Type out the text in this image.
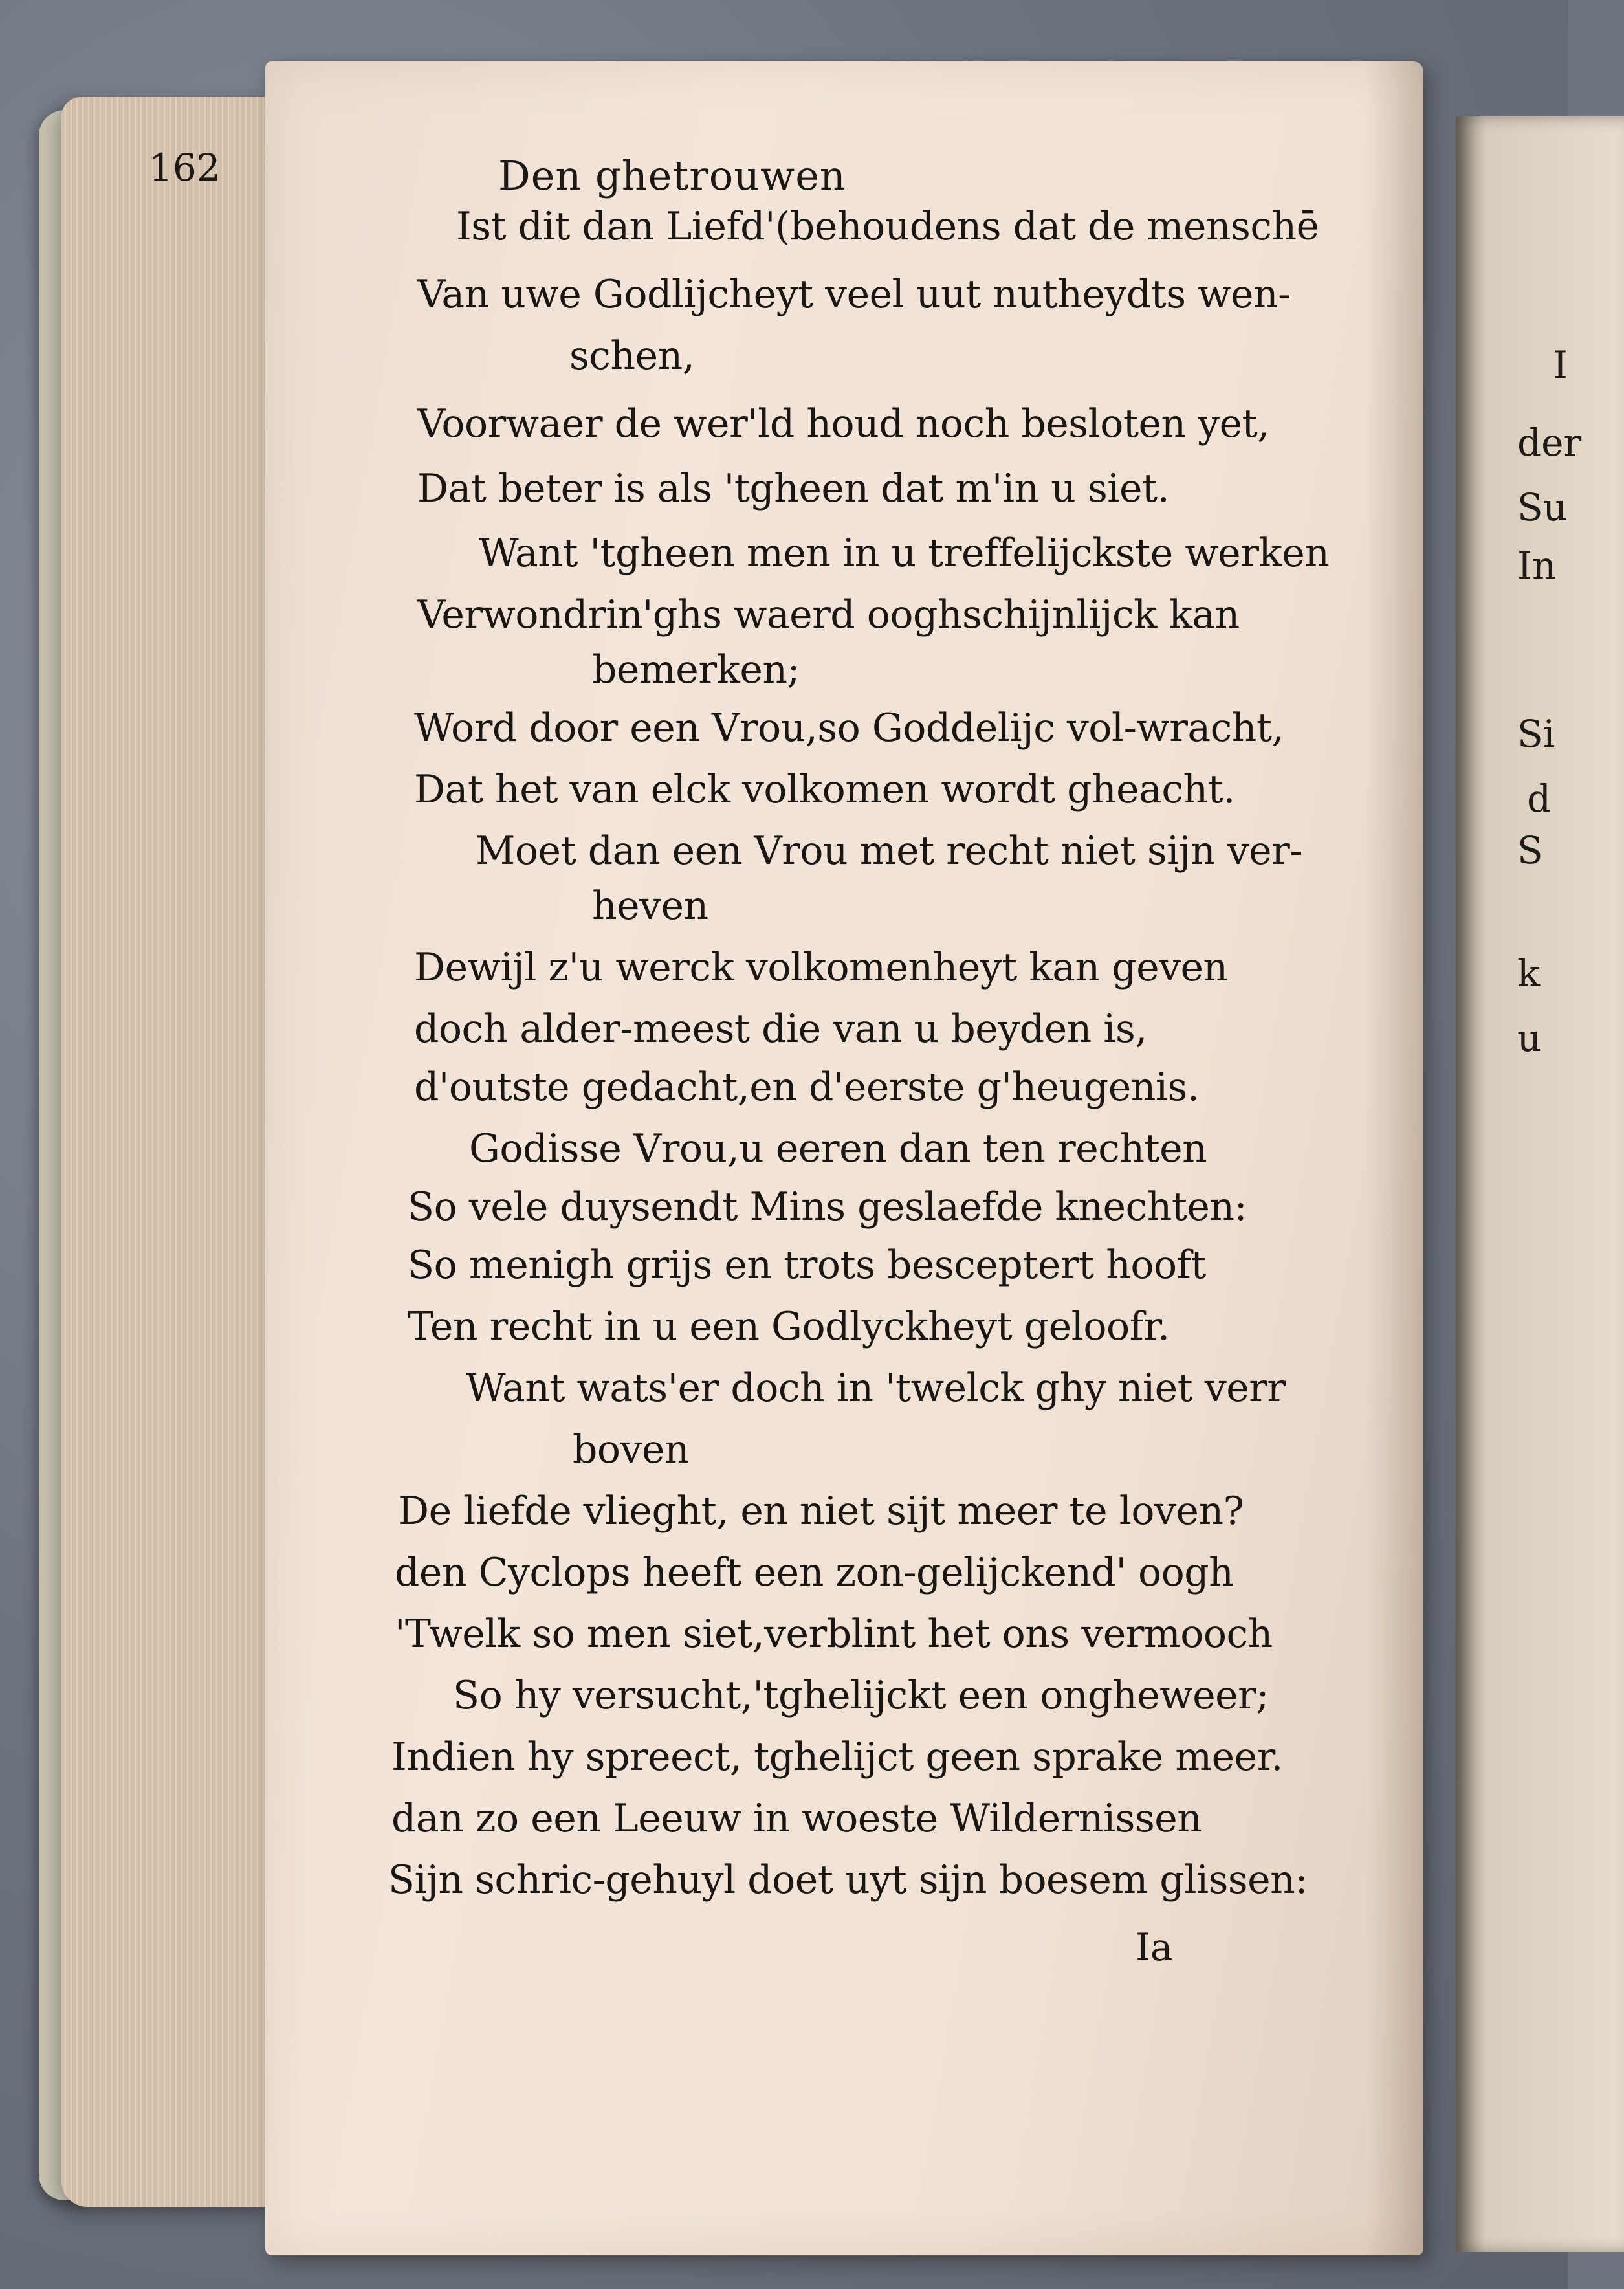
I
der
Su
In
Si
d
S
k
u
162	Den ghetrouwen
Ist dit dan Liefd'(behoudens dat de menschē
Van uwe Godlijcheyt veel uut nutheydts wen-
schen,
Voorwaer de wer'ld houd noch besloten yet,
Dat beter is als 'tgheen dat m'in u siet.
Want 'tgheen men in u treffelijckste werken
Verwondrin'ghs waerd ooghschijnlijck kan
bemerken;
Word door een Vrou,so Goddelijc vol-wracht,
Dat het van elck volkomen wordt gheacht.
Moet dan een Vrou met recht niet sijn ver-
heven
Dewijl z'u werck volkomenheyt kan geven
doch alder-meest die van u beyden is,
d'outste gedacht,en d'eerste g'heugenis.
Godisse Vrou,u eeren dan ten rechten
So vele duysendt Mins geslaefde knechten:
So menigh grijs en trots besceptert hooft
Ten recht in u een Godlyckheyt geloofr.
Want wats'er doch in 'twelck ghy niet verr
boven
De liefde vlieght, en niet sijt meer te loven?
den Cyclops heeft een zon-gelijckend' oogh
'Twelk so men siet,verblint het ons vermooch
So hy versucht,'tghelijckt een ongheweer;
Indien hy spreect, tghelijct geen sprake meer.
dan zo een Leeuw in woeste Wildernissen
Sijn schric-gehuyl doet uyt sijn boesem glissen:
Ia
